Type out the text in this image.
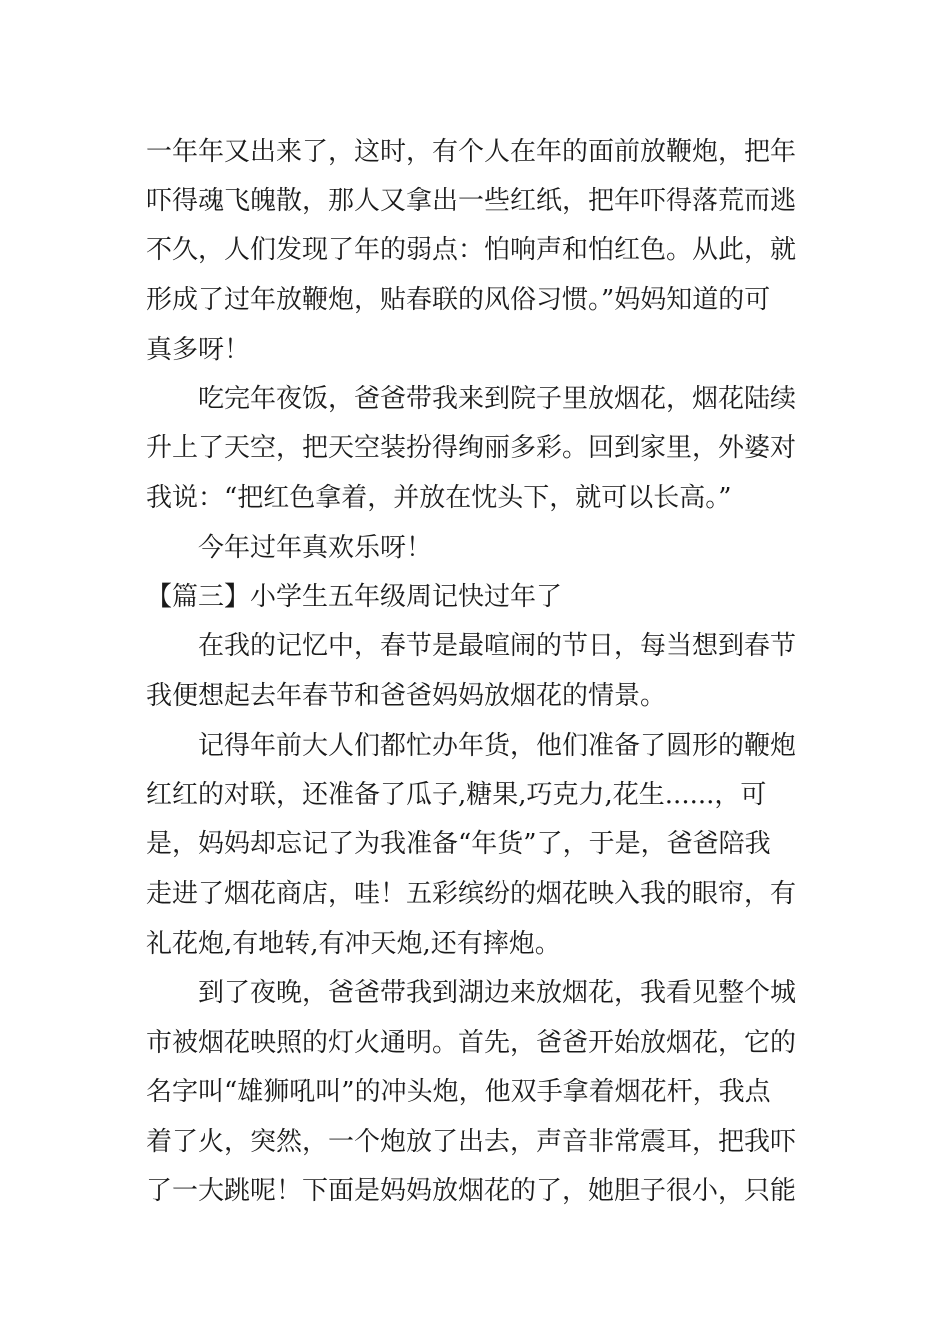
一年年又出来了，这时，有个人在年的面前放鞭炮，把年
吓得魂飞魄散，那人又拿出一些红纸，把年吓得落荒而逃
不久，人们发现了年的弱点：怕响声和怕红色。从此，就
形成了过年放鞭炮，贴春联的风俗习惯。”妈妈知道的可
真多呀！
吃完年夜饭，爸爸带我来到院子里放烟花，烟花陆续
升上了天空，把天空装扮得绚丽多彩。回到家里，外婆对
我说：“把红色拿着，并放在忱头下，就可以长高。”
今年过年真欢乐呀！
【篇三】小学生五年级周记快过年了
在我的记忆中，春节是最喧闹的节日，每当想到春节
我便想起去年春节和爸爸妈妈放烟花的情景。
记得年前大人们都忙办年货，他们准备了圆形的鞭炮
红红的对联，还准备了瓜子,糖果,巧克力,花生......，可
是，妈妈却忘记了为我准备“年货”了，于是，爸爸陪我
走进了烟花商店，哇！五彩缤纷的烟花映入我的眼帘，有
礼花炮,有地转,有冲天炮,还有摔炮。
到了夜晚，爸爸带我到湖边来放烟花，我看见整个城
市被烟花映照的灯火通明。首先，爸爸开始放烟花，它的
名字叫“雄狮吼叫”的冲头炮，他双手拿着烟花杆，我点
着了火，突然，一个炮放了出去，声音非常震耳，把我吓
了一大跳呢！下面是妈妈放烟花的了，她胆子很小，只能
